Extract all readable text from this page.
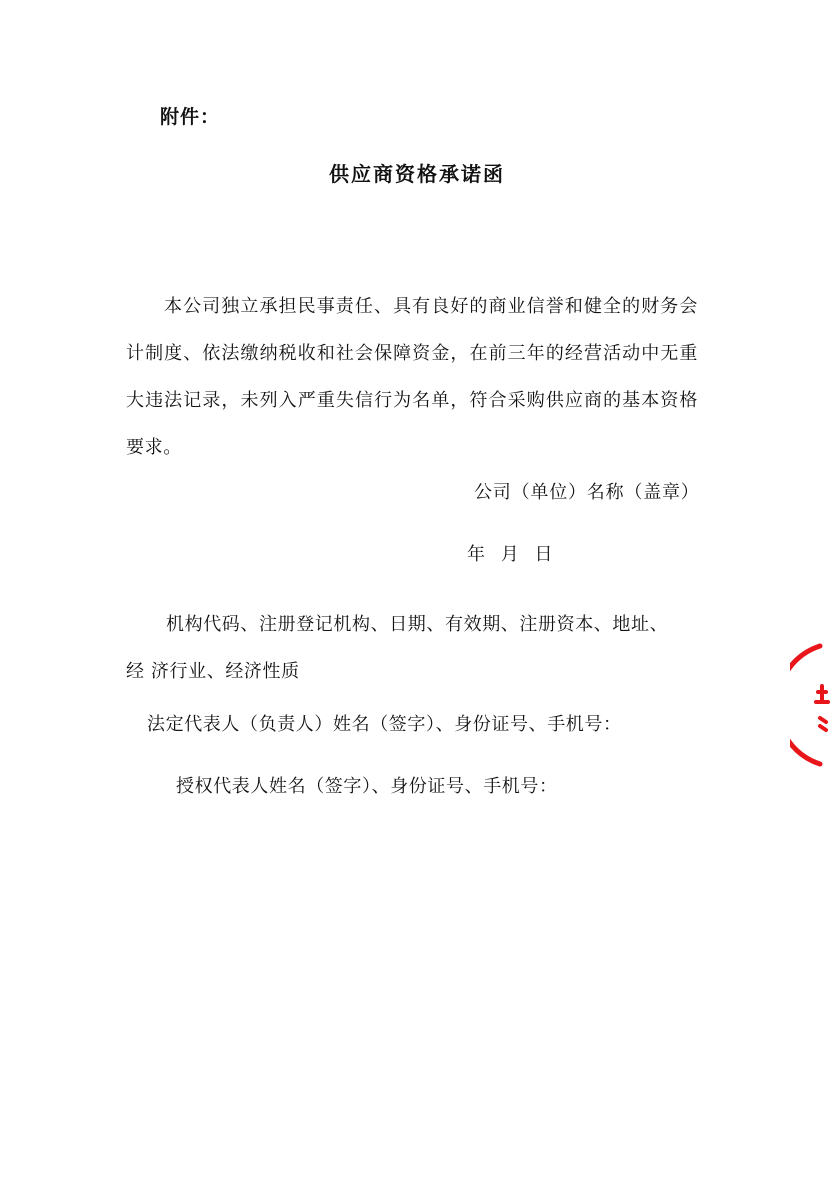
附件：
供应商资格承诺函

本公司独立承担民事责任、具有良好的商业信誉和健全的财务会计制度、依法缴纳税收和社会保障资金，在前三年的经营活动中无重大违法记录，未列入严重失信行为名单，符合采购供应商的基本资格要求。

公司（单位）名称（盖章）
年 月 日
机构代码、注册登记机构、日期、有效期、注册资本、地址、
经 济行业、经济性质
法定代表人（负责人）姓名（签字）、身份证号、手机号：
授权代表人姓名（签字）、身份证号、手机号：
